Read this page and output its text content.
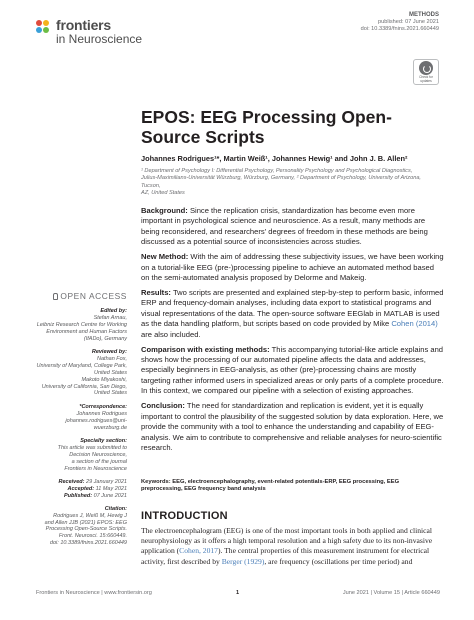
frontiers
in Neuroscience
METHODS
published: 07 June 2021
doi: 10.3389/fnins.2021.660449
Check for updates
EPOS: EEG Processing Open-Source Scripts
Johannes Rodrigues¹*, Martin Weiß¹, Johannes Hewig¹ and John J. B. Allen²
¹ Department of Psychology I: Differential Psychology, Personality Psychology and Psychological Diagnostics,
Julius-Maximilians-Universität Würzburg, Würzburg, Germany, ² Department of Psychology, University of Arizona, Tucson,
AZ, United States

Background: Since the replication crisis, standardization has become even more important in psychological science and neuroscience. As a result, many methods are being reconsidered, and researchers' degrees of freedom in these methods are being discussed as a potential source of inconsistencies across studies.

New Method: With the aim of addressing these subjectivity issues, we have been working on a tutorial-like EEG (pre-)processing pipeline to achieve an automated method based on the semi-automated analysis proposed by Delorme and Makeig.

Results: Two scripts are presented and explained step-by-step to perform basic, informed ERP and frequency-domain analyses, including data export to statistical programs and visual representations of the data. The open-source software EEGlab in MATLAB is used as the data handling platform, but scripts based on code provided by Mike Cohen (2014) are also included.

Comparison with existing methods: This accompanying tutorial-like article explains and shows how the processing of our automated pipeline affects the data and addresses, especially beginners in EEG-analysis, as other (pre)-processing chains are mostly targeting rather informed users in specialized areas or only parts of a complete procedure. In this context, we compared our pipeline with a selection of existing approaches.

Conclusion: The need for standardization and replication is evident, yet it is equally important to control the plausibility of the suggested solution by data exploration. Here, we provide the community with a tool to enhance the understanding and capability of EEG-analysis. We aim to contribute to comprehensive and reliable analyses for neuro-scientific research.

Keywords: EEG, electroencephalography, event-related potentials-ERP, EEG processing, EEG preprocessing, EEG frequency band analysis
INTRODUCTION
The electroencephalogram (EEG) is one of the most important tools in both applied and clinical neurophysiology as it offers a high temporal resolution and a high safety due to its non-invasive application (Cohen, 2017). The central properties of this measurement instrument for electrical activity, first described by Berger (1929), are frequency (oscillations per time period) and
OPEN ACCESS
Edited by:
Stefan Arnau,
Leibniz Research Centre for Working
Environment and Human Factors
(IfADo), Germany
Reviewed by:
Nathan Fox,
University of Maryland, College Park,
United States
Makoto Miyakoshi,
University of California, San Diego,
United States
*Correspondence:
Johannes Rodrigues
johannes.rodrigues@uni-
wuerzburg.de
Specialty section:
This article was submitted to
Decision Neuroscience,
a section of the journal
Frontiers in Neuroscience
Received: 29 January 2021
Accepted: 11 May 2021
Published: 07 June 2021
Citation:
Rodrigues J, Weiß M, Hewig J
and Allen JJB (2021) EPOS: EEG
Processing Open-Source Scripts.
Front. Neurosci. 15:660449.
doi: 10.3389/fnins.2021.660449
Frontiers in Neuroscience | www.frontiersin.org	1	June 2021 | Volume 15 | Article 660449
